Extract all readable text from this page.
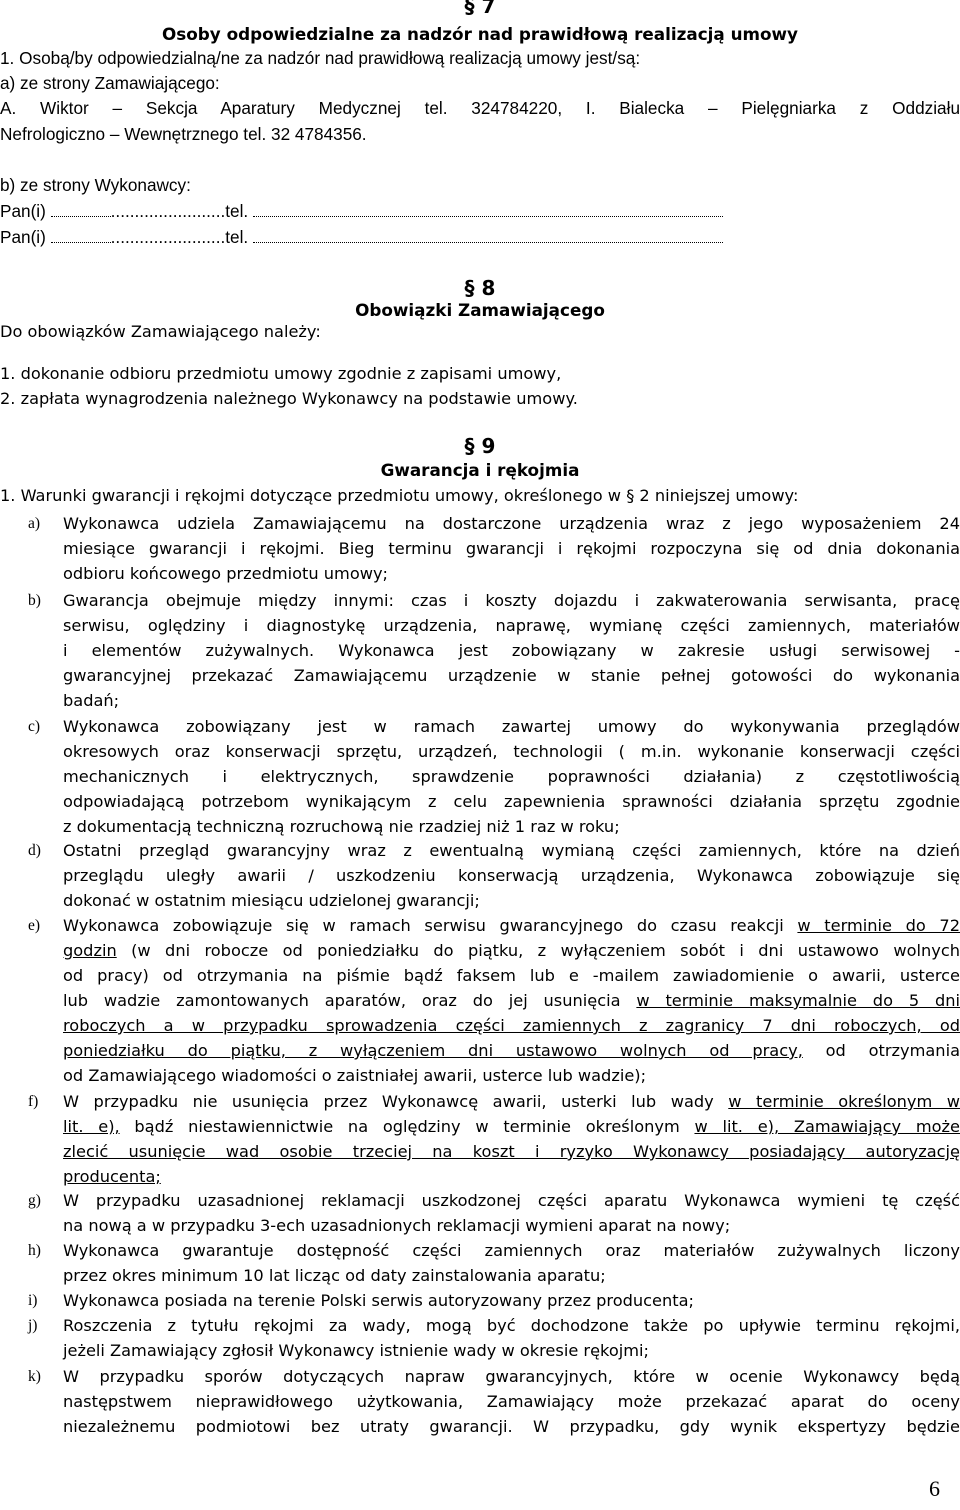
§ 7
Osoby odpowiedzialne za nadzór nad prawidłową realizacją umowy
1. Osobą/by odpowiedzialną/ne za nadzór nad prawidłową realizacją umowy jest/są:
a) ze strony Zamawiającego:
A. Wiktor – Sekcja Aparatury Medycznej tel. 324784220, I. Bialecka – Pielęgniarka z Oddziału
Nefrologiczno – Wewnętrznego tel. 32 4784356.
b) ze strony Wykonawcy:
Pan(i)	........................tel.
Pan(i)	........................tel.
§ 8
Obowiązki Zamawiającego
Do obowiązków Zamawiającego należy:
1. dokonanie odbioru przedmiotu umowy zgodnie z zapisami umowy,
2. zapłata wynagrodzenia należnego Wykonawcy na podstawie umowy.
§ 9
Gwarancja i rękojmia
1. Warunki gwarancji i rękojmi dotyczące przedmiotu umowy, określonego w § 2 niniejszej umowy:
a) Wykonawca udziela Zamawiającemu na dostarczone urządzenia wraz z jego wyposażeniem 24
miesiące gwarancji i rękojmi. Bieg terminu gwarancji i rękojmi rozpoczyna się od dnia dokonania
odbioru końcowego przedmiotu umowy;
b) Gwarancja obejmuje między innymi: czas i koszty dojazdu i zakwaterowania serwisanta, pracę
serwisu, oględziny i diagnostykę urządzenia, naprawę, wymianę części zamiennych, materiałów
i elementów zużywalnych. Wykonawca jest zobowiązany w zakresie usługi serwisowej -
gwarancyjnej przekazać Zamawiającemu urządzenie w stanie pełnej gotowości do wykonania
badań;
c) Wykonawca zobowiązany jest w ramach zawartej umowy do wykonywania przeglądów
okresowych oraz konserwacji sprzętu, urządzeń, technologii ( m.in. wykonanie konserwacji części
mechanicznych i elektrycznych, sprawdzenie poprawności działania) z częstotliwością
odpowiadającą potrzebom wynikającym z celu zapewnienia sprawności działania sprzętu zgodnie
z dokumentacją techniczną rozruchową nie rzadziej niż 1 raz w roku;
d) Ostatni przegląd gwarancyjny wraz z ewentualną wymianą części zamiennych, które na dzień
przeglądu uległy awarii / uszkodzeniu konserwacją urządzenia, Wykonawca zobowiązuje się
dokonać w ostatnim miesiącu udzielonej gwarancji;
e) Wykonawca zobowiązuje się w ramach serwisu gwarancyjnego do czasu reakcji w terminie do 72
godzin (w dni robocze od poniedziałku do piątku, z wyłączeniem sobót i dni ustawowo wolnych
od pracy) od otrzymania na piśmie bądź faksem lub e -mailem zawiadomienie o awarii, usterce
lub wadzie zamontowanych aparatów, oraz do jej usunięcia w terminie maksymalnie do 5 dni
roboczych a w przypadku sprowadzenia części zamiennych z zagranicy 7 dni roboczych, od
poniedziałku do piątku, z wyłączeniem dni ustawowo wolnych od pracy, od otrzymania
od Zamawiającego wiadomości o zaistniałej awarii, usterce lub wadzie);
f) W przypadku nie usunięcia przez Wykonawcę awarii, usterki lub wady w terminie określonym w
lit. e), bądź niestawiennictwie na oględziny w terminie określonym w lit. e), Zamawiający może
zlecić usunięcie wad osobie trzeciej na koszt i ryzyko Wykonawcy posiadający autoryzację
producenta;
g) W przypadku uzasadnionej reklamacji uszkodzonej części aparatu Wykonawca wymieni tę część
na nową a w przypadku 3-ech uzasadnionych reklamacji wymieni aparat na nowy;
h) Wykonawca gwarantuje dostępność części zamiennych oraz materiałów zużywalnych liczony
przez okres minimum 10 lat licząc od daty zainstalowania aparatu;
i) Wykonawca posiada na terenie Polski serwis autoryzowany przez producenta;
j) Roszczenia z tytułu rękojmi za wady, mogą być dochodzone także po upływie terminu rękojmi,
jeżeli Zamawiający zgłosił Wykonawcy istnienie wady w okresie rękojmi;
k) W przypadku sporów dotyczących napraw gwarancyjnych, które w ocenie Wykonawcy będą
następstwem nieprawidłowego użytkowania, Zamawiający może przekazać aparat do oceny
niezależnemu podmiotowi bez utraty gwarancji. W przypadku, gdy wynik ekspertyzy będzie
6
